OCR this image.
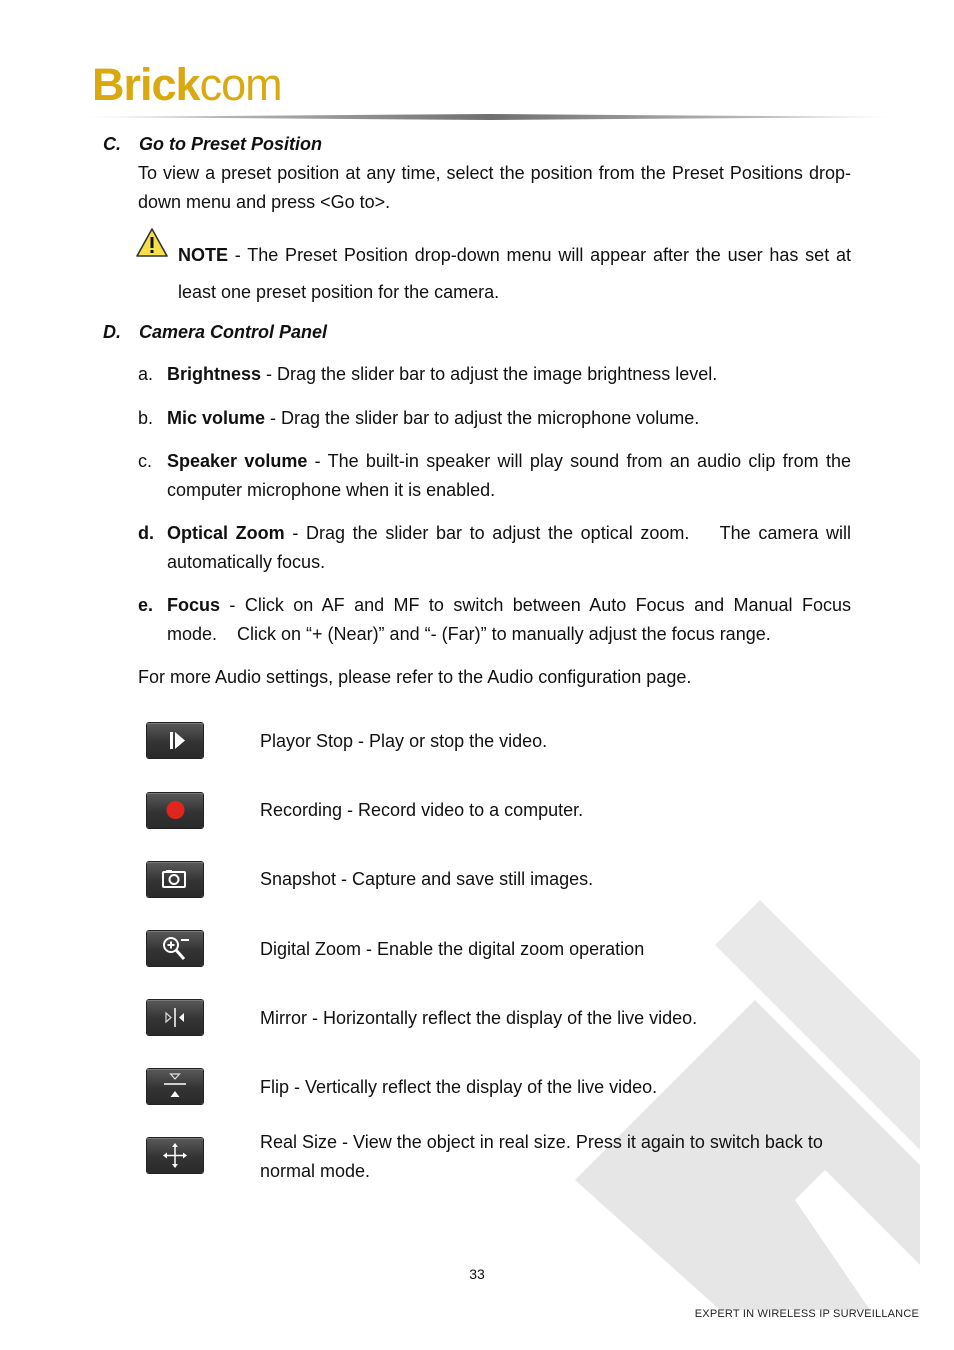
Brickcom
C. Go to Preset Position
To view a preset position at any time, select the position from the Preset Positions drop-down menu and press <Go to>.
NOTE - The Preset Position drop-down menu will appear after the user has set at least one preset position for the camera.
D. Camera Control Panel
a. Brightness - Drag the slider bar to adjust the image brightness level.
b. Mic volume - Drag the slider bar to adjust the microphone volume.
c. Speaker volume - The built-in speaker will play sound from an audio clip from the computer microphone when it is enabled.
d. Optical Zoom - Drag the slider bar to adjust the optical zoom.    The camera will automatically focus.
e. Focus - Click on AF and MF to switch between Auto Focus and Manual Focus mode.    Click on “+ (Near)” and “- (Far)” to manually adjust the focus range.
For more Audio settings, please refer to the Audio configuration page.
Playor Stop - Play or stop the video.
Recording - Record video to a computer.
Snapshot - Capture and save still images.
Digital Zoom - Enable the digital zoom operation
Mirror - Horizontally reflect the display of the live video.
Flip - Vertically reflect the display of the live video.
Real Size - View the object in real size. Press it again to switch back to normal mode.
33
EXPERT IN WIRELESS IP SURVEILLANCE
